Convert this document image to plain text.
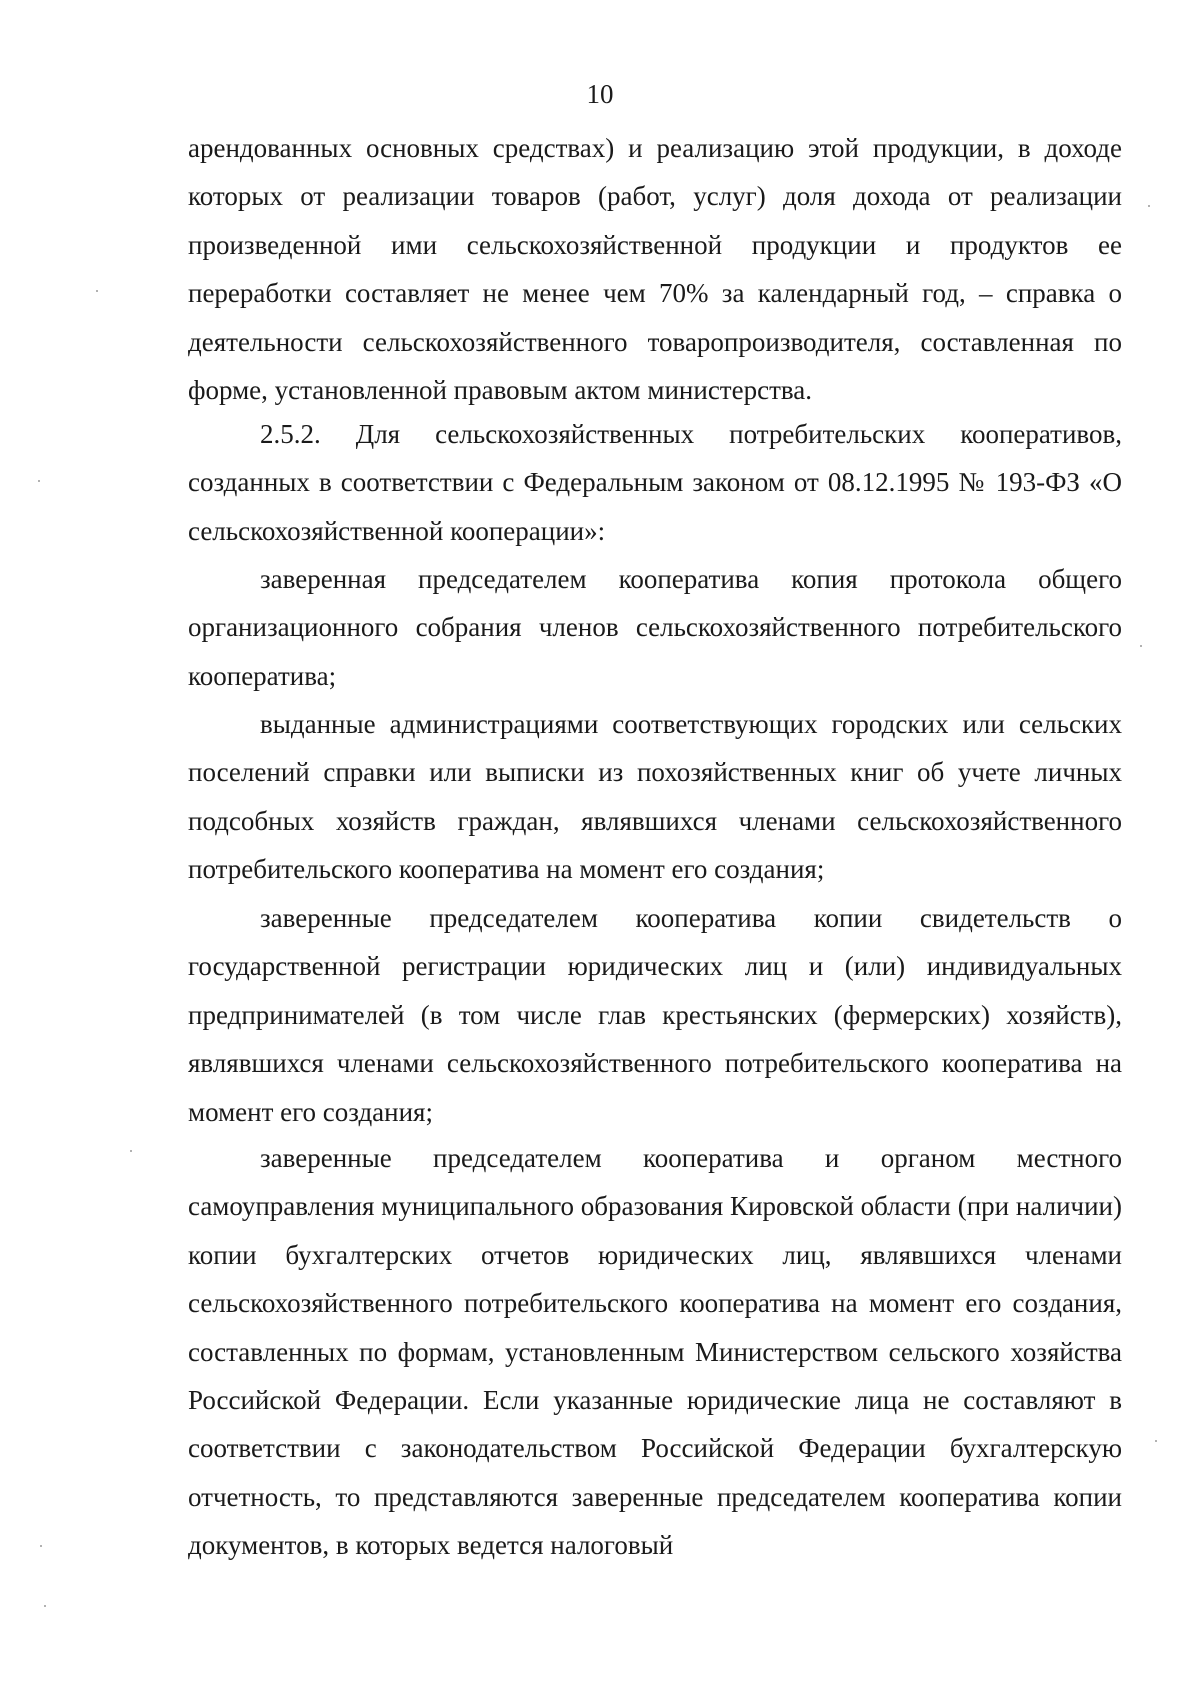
10

арендованных основных средствах) и реализацию этой продукции, в доходе которых от реализации товаров (работ, услуг) доля дохода от реализации произведенной ими сельскохозяйственной продукции и продуктов ее переработки составляет не менее чем 70% за календарный год, – справка о деятельности сельскохозяйственного товаропроизводителя, составленная по форме, установленной правовым актом министерства.

2.5.2. Для сельскохозяйственных потребительских кооперативов, созданных в соответствии с Федеральным законом от 08.12.1995 № 193-ФЗ «О сельскохозяйственной кооперации»:

заверенная председателем кооператива копия протокола общего организационного собрания членов сельскохозяйственного потребительского кооператива;

выданные администрациями соответствующих городских или сельских поселений справки или выписки из похозяйственных книг об учете личных подсобных хозяйств граждан, являвшихся членами сельскохозяйственного потребительского кооператива на момент его создания;

заверенные председателем кооператива копии свидетельств о государственной регистрации юридических лиц и (или) индивидуальных предпринимателей (в том числе глав крестьянских (фермерских) хозяйств), являвшихся членами сельскохозяйственного потребительского кооператива на момент его создания;

заверенные председателем кооператива и органом местного самоуправления муниципального образования Кировской области (при наличии) копии бухгалтерских отчетов юридических лиц, являвшихся членами сельскохозяйственного потребительского кооператива на момент его создания, составленных по формам, установленным Министерством сельского хозяйства Российской Федерации. Если указанные юридические лица не составляют в соответствии с законодательством Российской Федерации бухгалтерскую отчетность, то представляются заверенные председателем кооператива копии документов, в которых ведется налоговый
